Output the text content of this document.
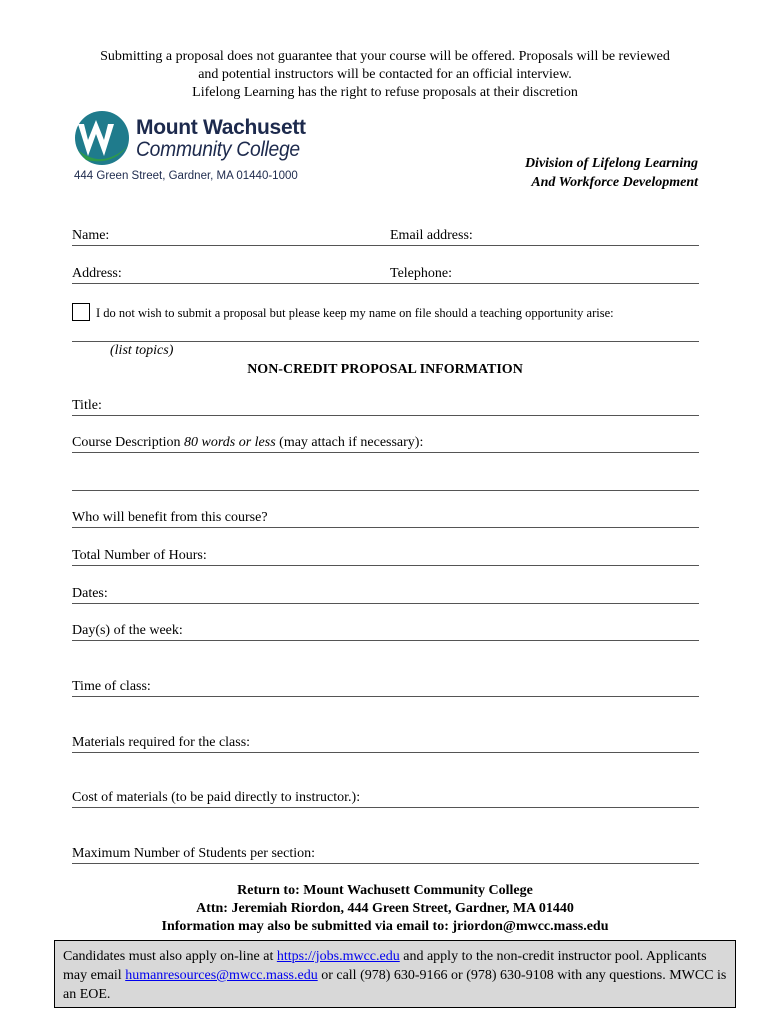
Submitting a proposal does not guarantee that your course will be offered. Proposals will be reviewed
and potential instructors will be contacted for an official interview.
Lifelong Learning has the right to refuse proposals at their discretion
Mount Wachusett
Community College
444 Green Street, Gardner, MA 01440-1000
Division of Lifelong Learning
And Workforce Development
Name:	Email address:
Address:	Telephone:
I do not wish to submit a proposal but please keep my name on file should a teaching opportunity arise:
(list topics)
NON-CREDIT PROPOSAL INFORMATION
Title:
Course Description 80 words or less (may attach if necessary):
Who will benefit from this course?
Total Number of Hours:
Dates:
Day(s) of the week:
Time of class:
Materials required for the class:
Cost of materials (to be paid directly to instructor.):
Maximum Number of Students per section:
Return to: Mount Wachusett Community College
Attn: Jeremiah Riordon, 444 Green Street, Gardner, MA 01440
Information may also be submitted via email to: jriordon@mwcc.mass.edu
Candidates must also apply on-line at https://jobs.mwcc.edu and apply to the non-credit instructor pool. Applicants may email humanresources@mwcc.mass.edu or call (978) 630-9166 or (978) 630-9108 with any questions. MWCC is an EOE.
